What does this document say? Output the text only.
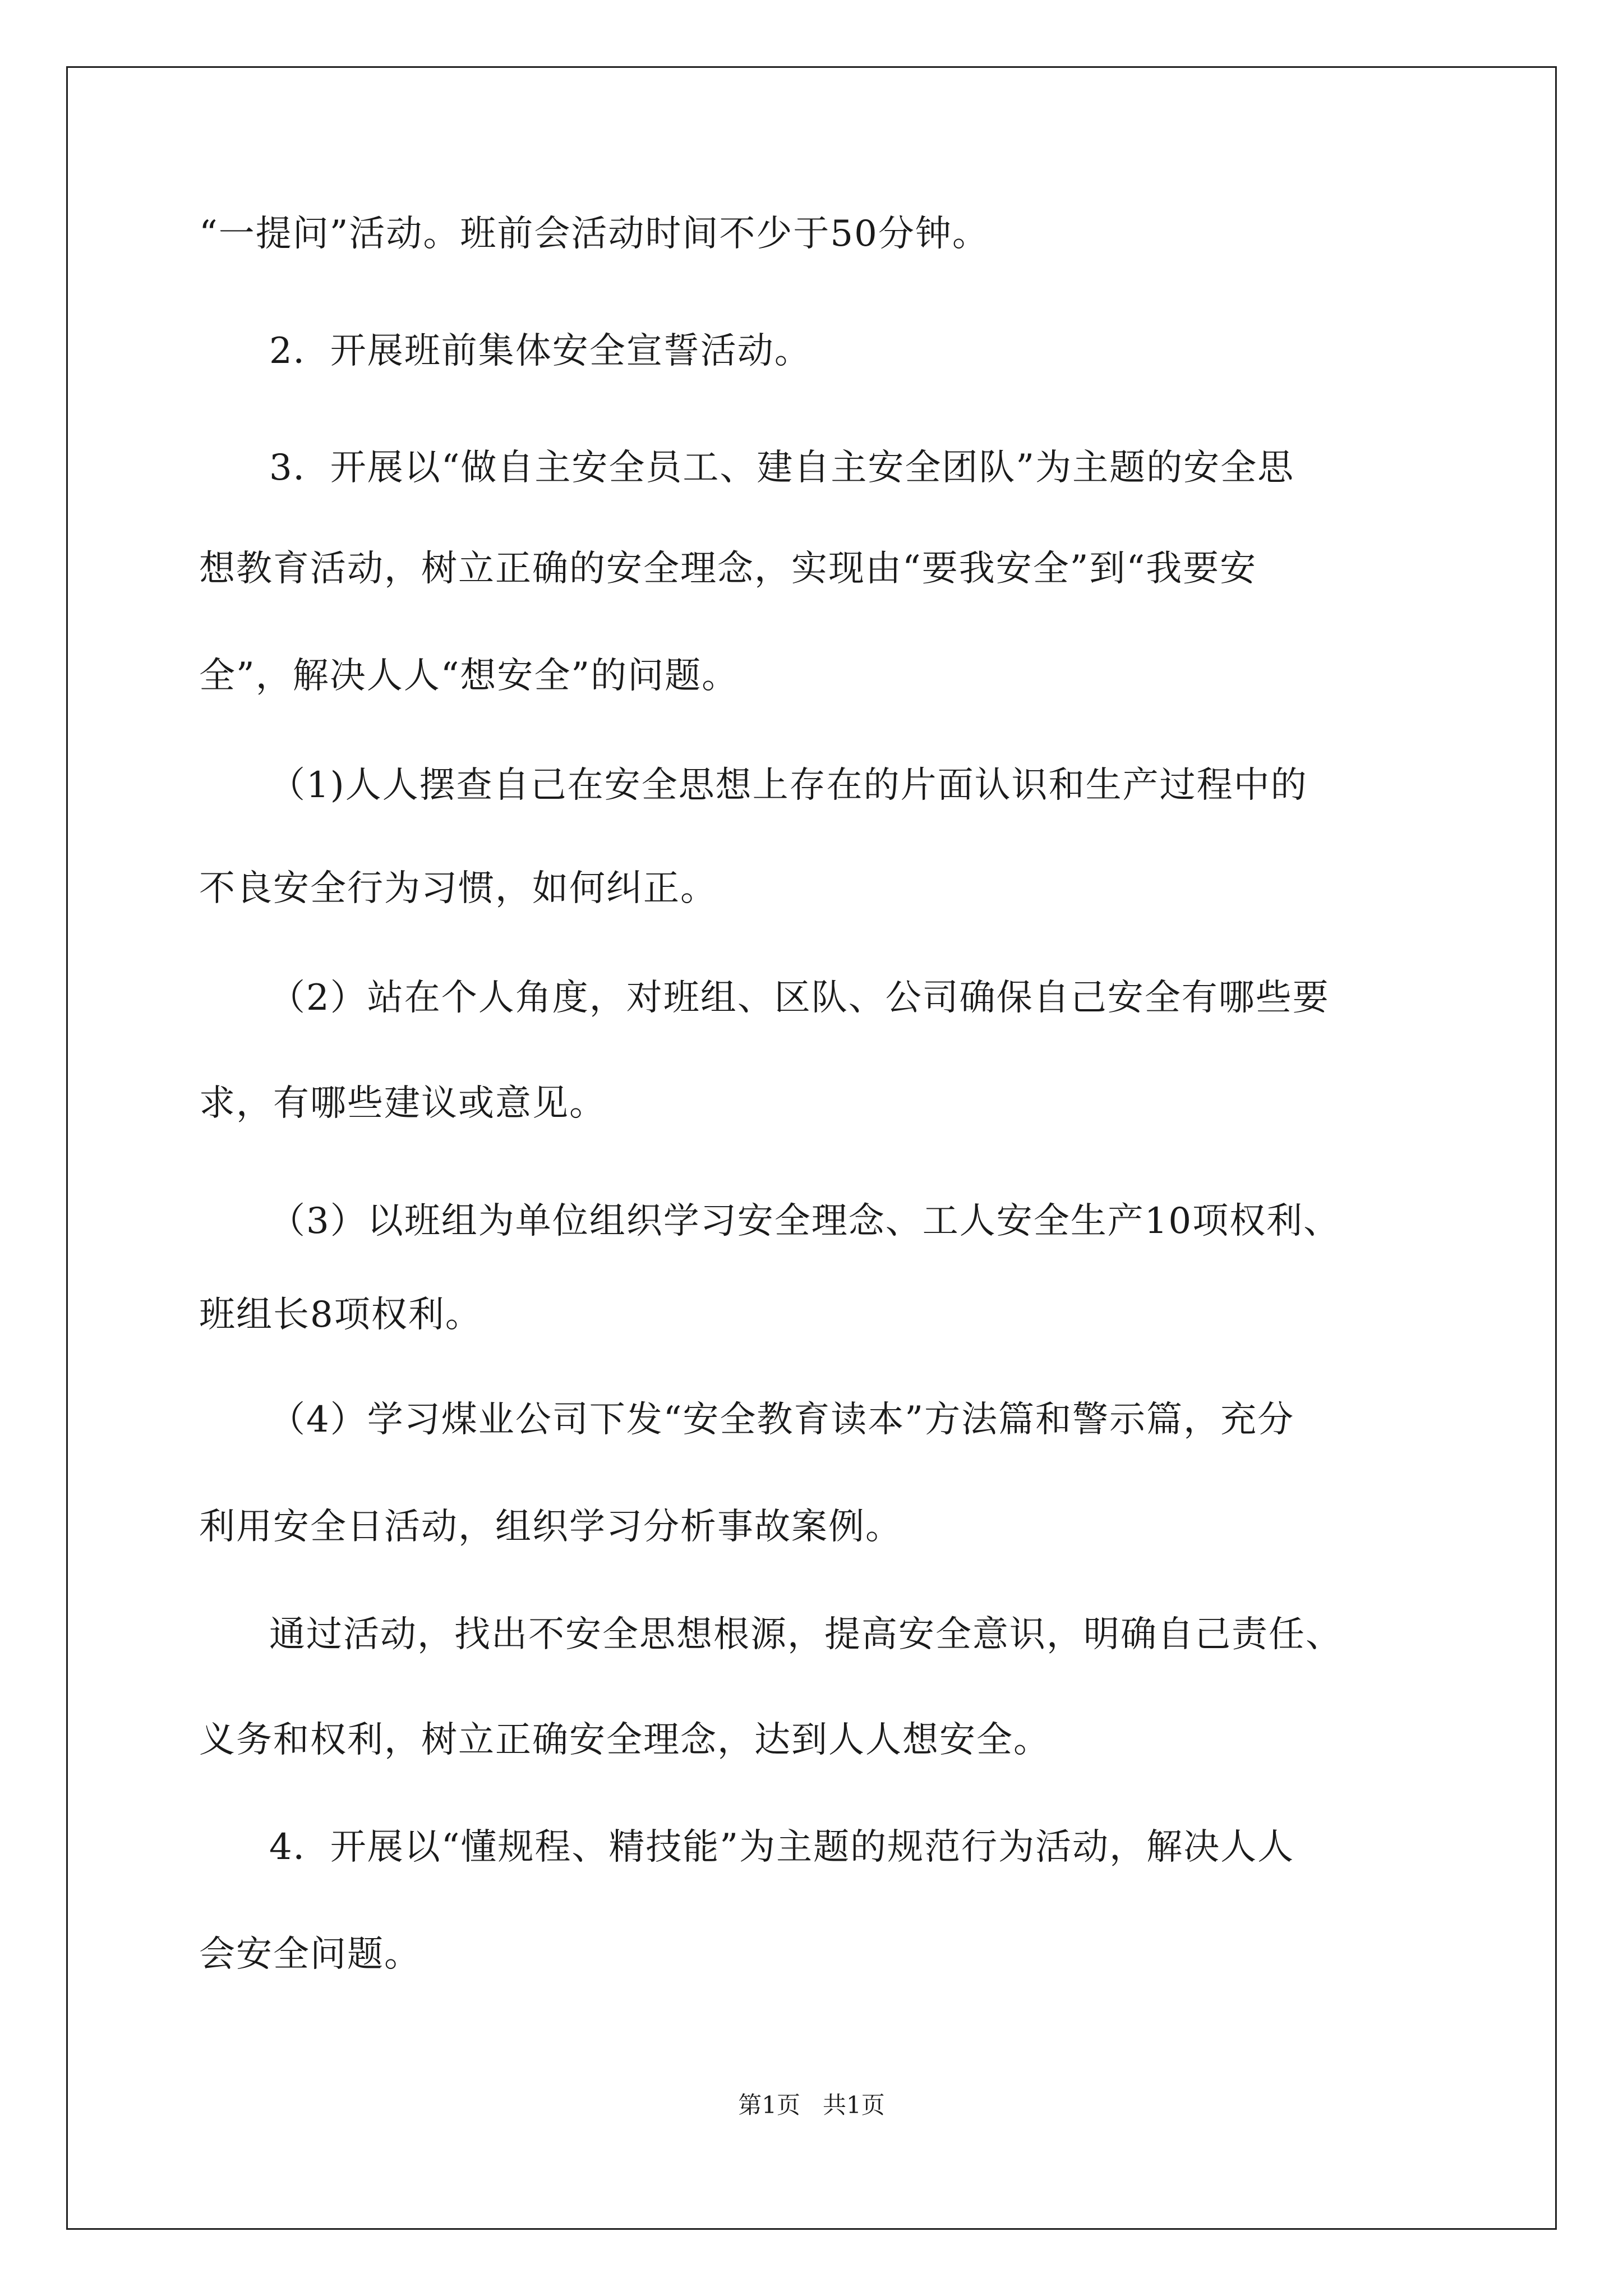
“一提问”活动。班前会活动时间不少于50分钟。
2．开展班前集体安全宣誓活动。
3．开展以“做自主安全员工、建自主安全团队”为主题的安全思
想教育活动，树立正确的安全理念，实现由“要我安全”到“我要安
全”，解决人人“想安全”的问题。
（1)人人摆查自己在安全思想上存在的片面认识和生产过程中的
不良安全行为习惯，如何纠正。
（2）站在个人角度，对班组、区队、公司确保自己安全有哪些要
求，有哪些建议或意见。
（3）以班组为单位组织学习安全理念、工人安全生产10项权利、
班组长8项权利。
（4）学习煤业公司下发“安全教育读本”方法篇和警示篇，充分
利用安全日活动，组织学习分析事故案例。
通过活动，找出不安全思想根源，提高安全意识，明确自己责任、
义务和权利，树立正确安全理念，达到人人想安全。
4．开展以“懂规程、精技能”为主题的规范行为活动，解决人人
会安全问题。
第1页   共1页
